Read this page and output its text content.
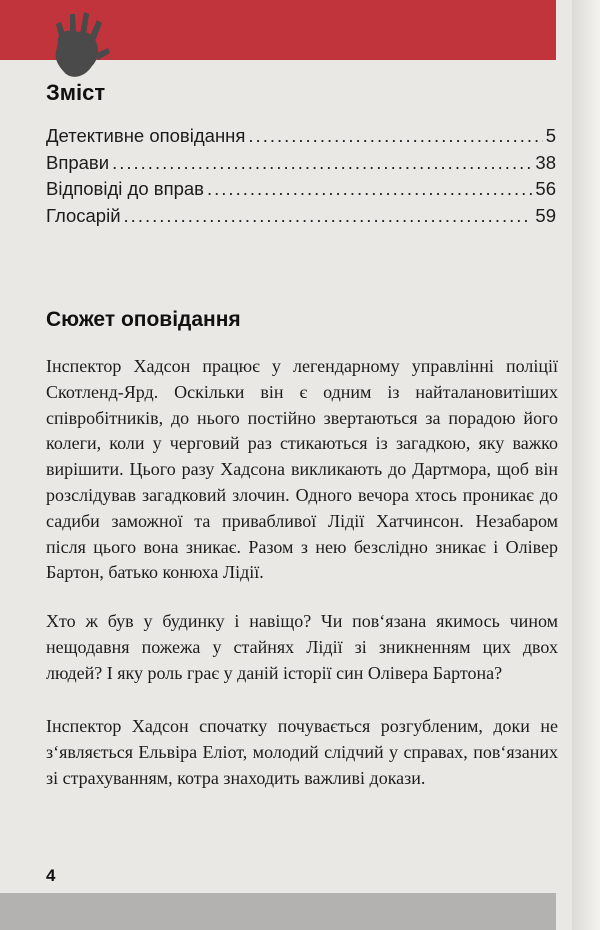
Зміст
Детективне оповідання .....	5
Вправи .....	38
Відповіді до вправ .....	56
Глосарій .....	59
Сюжет оповідання

Інспектор Хадсон працює у легендарному управлінні поліції Скотленд-Ярд. Оскільки він є одним із найталановитіших співробітників, до нього постійно звертаються за порадою його колеги, коли у черговий раз стикаються із загадкою, яку важко вирішити. Цього разу Хадсона викликають до Дартмора, щоб він розслідував загадковий злочин. Одного вечора хтось проникає до садиби заможної та привабливої Лідії Хатчинсон. Незабаром після цього вона зникає. Разом з нею безслідно зникає і Олівер Бартон, батько конюха Лідії.

Хто ж був у будинку і навіщо? Чи пов‘язана якимось чином нещодавня пожежа у стайнях Лідії зі зникненням цих двох людей? І яку роль грає у даній історії син Олівера Бартона?

Інспектор Хадсон спочатку почувається розгубленим, доки не з‘являється Ельвіра Еліот, молодий слідчий у справах, пов‘язаних зі страхуванням, котра знаходить важливі докази.

4
